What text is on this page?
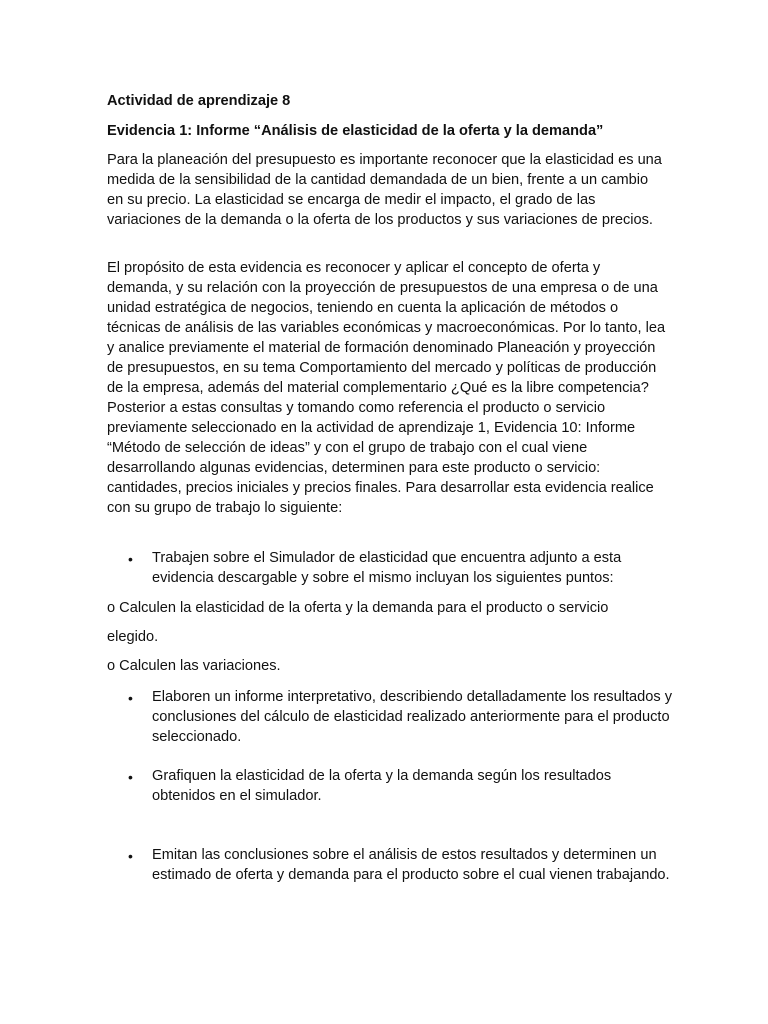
Actividad de aprendizaje 8

Evidencia 1: Informe “Análisis de elasticidad de la oferta y la demanda”

Para la planeación del presupuesto es importante reconocer que la elasticidad es una medida de la sensibilidad de la cantidad demandada de un bien, frente a un cambio en su precio. La elasticidad se encarga de medir el impacto, el grado de las variaciones de la demanda o la oferta de los productos y sus variaciones de precios.

El propósito de esta evidencia es reconocer y aplicar el concepto de oferta y demanda, y su relación con la proyección de presupuestos de una empresa o de una unidad estratégica de negocios, teniendo en cuenta la aplicación de métodos o técnicas de análisis de las variables económicas y macroeconómicas. Por lo tanto, lea y analice previamente el material de formación denominado Planeación y proyección de presupuestos, en su tema Comportamiento del mercado y políticas de producción de la empresa, además del material complementario ¿Qué es la libre competencia? Posterior a estas consultas y tomando como referencia el producto o servicio previamente seleccionado en la actividad de aprendizaje 1, Evidencia 10: Informe “Método de selección de ideas” y con el grupo de trabajo con el cual viene desarrollando algunas evidencias, determinen para este producto o servicio: cantidades, precios iniciales y precios finales. Para desarrollar esta evidencia realice con su grupo de trabajo lo siguiente:

• Trabajen sobre el Simulador de elasticidad que encuentra adjunto a esta evidencia descargable y sobre el mismo incluyan los siguientes puntos:

o Calculen la elasticidad de la oferta y la demanda para el producto o servicio

elegido.

o Calculen las variaciones.

• Elaboren un informe interpretativo, describiendo detalladamente los resultados y conclusiones del cálculo de elasticidad realizado anteriormente para el producto seleccionado.

• Grafiquen la elasticidad de la oferta y la demanda según los resultados obtenidos en el simulador.

• Emitan las conclusiones sobre el análisis de estos resultados y determinen un estimado de oferta y demanda para el producto sobre el cual vienen trabajando.
